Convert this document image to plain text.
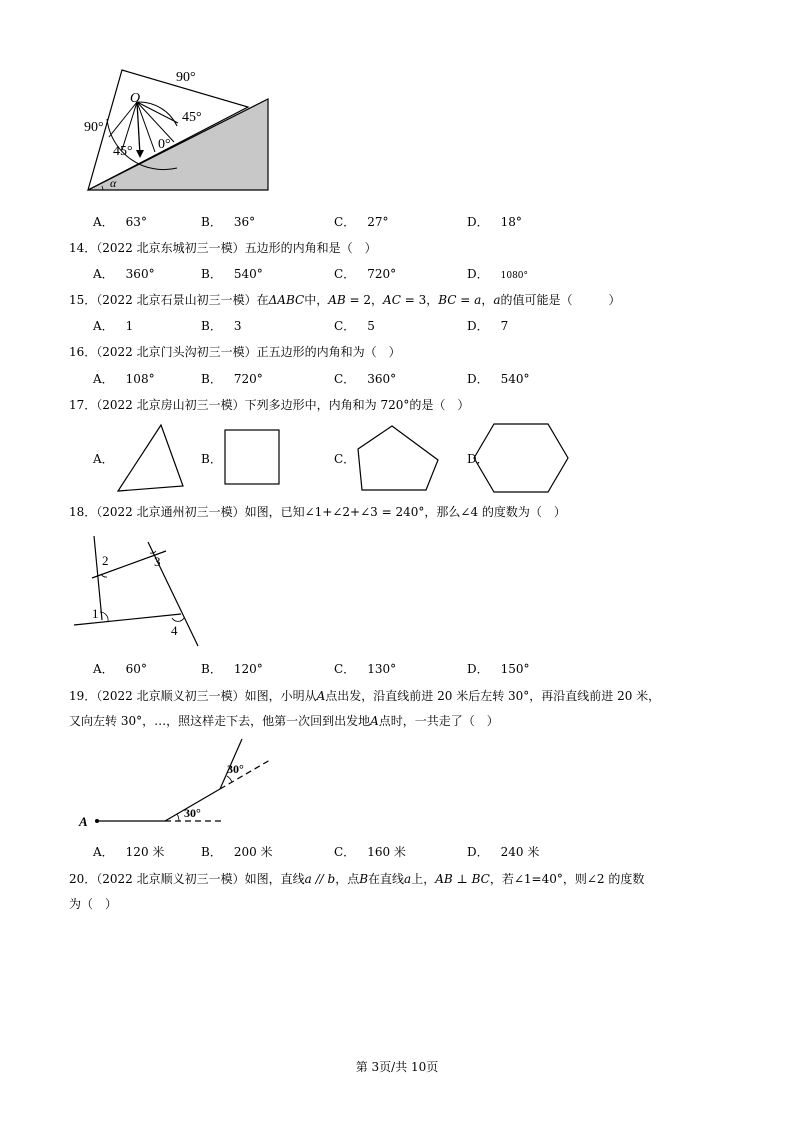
90°
O
45°
90°
45° 0°
α
A． 63°	B． 36°	C． 27°	D． 18°
14．（2022 北京东城初三一模）五边形的内角和是（　）
A． 360°	B． 540°	C． 720°	D． 1080°
15．（2022 北京石景山初三一模）在ΔABC中，AB = 2，AC = 3，BC = a，a的值可能是（　　　）
A． 1	B． 3	C． 5	D． 7
16．（2022 北京门头沟初三一模）正五边形的内角和为（　）
A． 108°	B． 720°	C． 360°	D． 540°
17．（2022 北京房山初三一模）下列多边形中，内角和为 720°的是（　）
A．	B．	C．	D．
18．（2022 北京通州初三一模）如图，已知∠1+∠2+∠3 = 240°，那么∠4 的度数为（　）
1
2	3
4
A． 60°	B． 120°	C． 130°	D． 150°
19．（2022 北京顺义初三一模）如图，小明从A点出发，沿直线前进 20 米后左转 30°，再沿直线前进 20 米，
又向左转 30°，…，照这样走下去，他第一次回到出发地A点时，一共走了（　）
A
30°
30°
A． 120 米	B． 200 米	C． 160 米	D． 240 米
20．（2022 北京顺义初三一模）如图，直线a // b，点B在直线a上，AB ⊥ BC，若∠1=40°，则∠2 的度数
为（　）
第 3页/共 10页
